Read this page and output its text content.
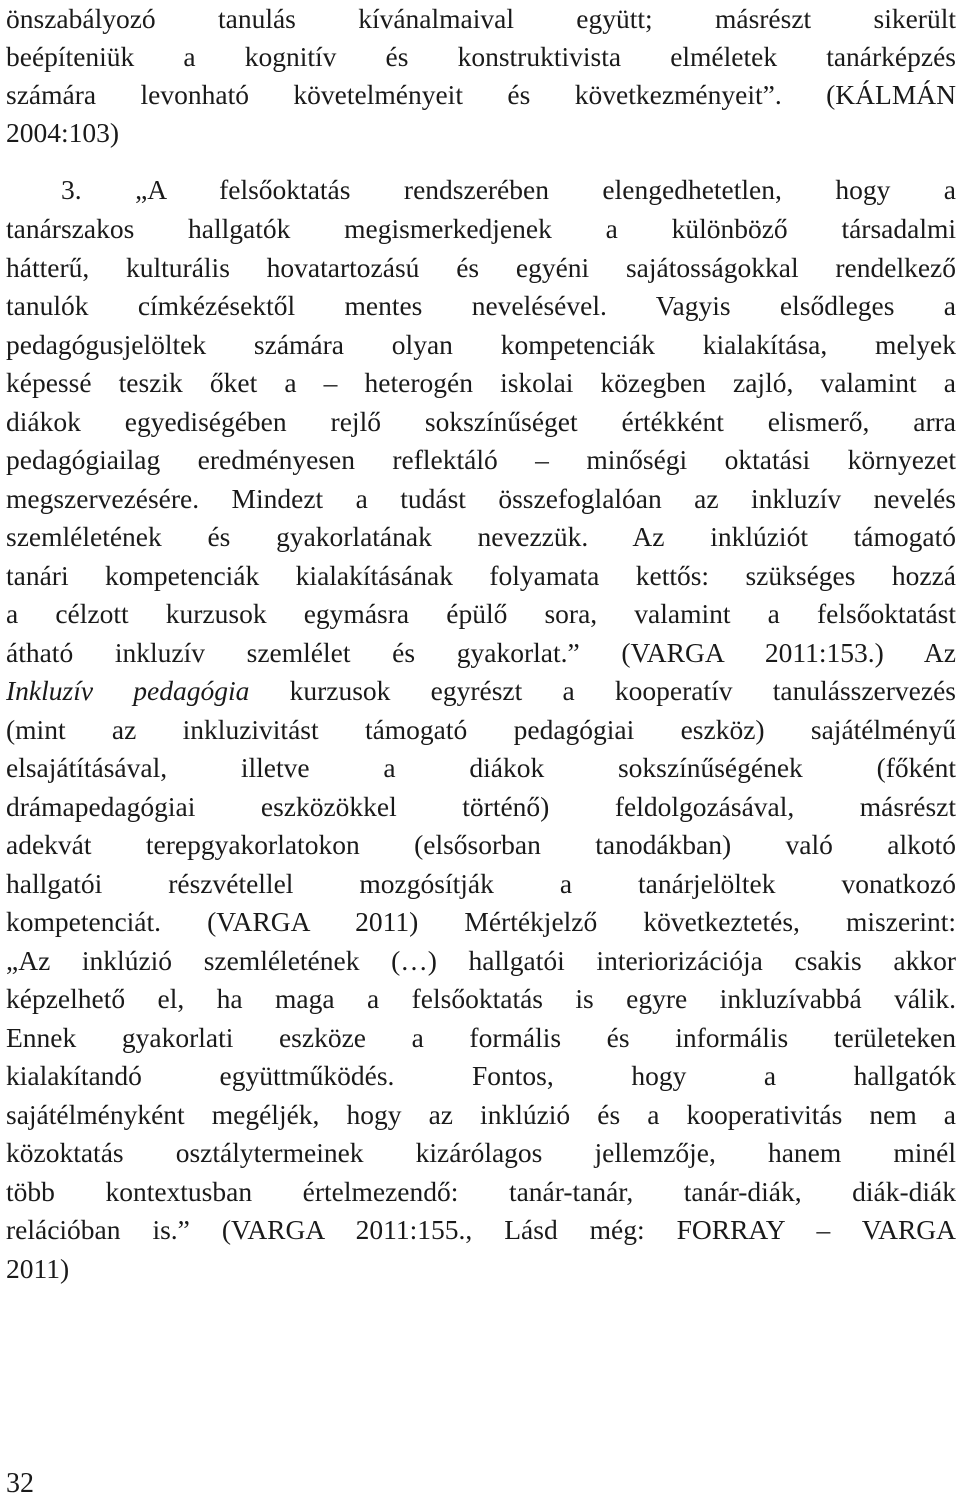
önszabályozó tanulás kívánalmaival együtt; másrészt sikerült
beépíteniük a kognitív és konstruktivista elméletek tanárképzés
számára levonható követelményeit és következményeit”. (KÁLMÁN
2004:103)
3. „A felsőoktatás rendszerében elengedhetetlen, hogy a
tanárszakos hallgatók megismerkedjenek a különböző társadalmi
hátterű, kulturális hovatartozású és egyéni sajátosságokkal rendelkező
tanulók címkézésektől mentes nevelésével. Vagyis elsődleges a
pedagógusjelöltek számára olyan kompetenciák kialakítása, melyek
képessé teszik őket a – heterogén iskolai közegben zajló, valamint a
diákok egyediségében rejlő sokszínűséget értékként elismerő, arra
pedagógiailag eredményesen reflektáló – minőségi oktatási környezet
megszervezésére. Mindezt a tudást összefoglalóan az inkluzív nevelés
szemléletének és gyakorlatának nevezzük. Az inklúziót támogató
tanári kompetenciák kialakításának folyamata kettős: szükséges hozzá
a célzott kurzusok egymásra épülő sora, valamint a felsőoktatást
átható inkluzív szemlélet és gyakorlat.” (VARGA 2011:153.) Az
Inkluzív pedagógia kurzusok egyrészt a kooperatív tanulásszervezés
(mint az inkluzivitást támogató pedagógiai eszköz) sajátélményű
elsajátításával, illetve a diákok sokszínűségének (főként
drámapedagógiai eszközökkel történő) feldolgozásával, másrészt
adekvát terepgyakorlatokon (elsősorban tanodákban) való alkotó
hallgatói részvétellel mozgósítják a tanárjelöltek vonatkozó
kompetenciát. (VARGA 2011) Mértékjelző következtetés, miszerint:
„Az inklúzió szemléletének (…) hallgatói interiorizációja csakis akkor
képzelhető el, ha maga a felsőoktatás is egyre inkluzívabbá válik.
Ennek gyakorlati eszköze a formális és informális területeken
kialakítandó együttműködés. Fontos, hogy a hallgatók
sajátélményként megéljék, hogy az inklúzió és a kooperativitás nem a
közoktatás osztálytermeinek kizárólagos jellemzője, hanem minél
több kontextusban értelmezendő: tanár-tanár, tanár-diák, diák-diák
relációban is.” (VARGA 2011:155., Lásd még: FORRAY – VARGA
2011)
32
